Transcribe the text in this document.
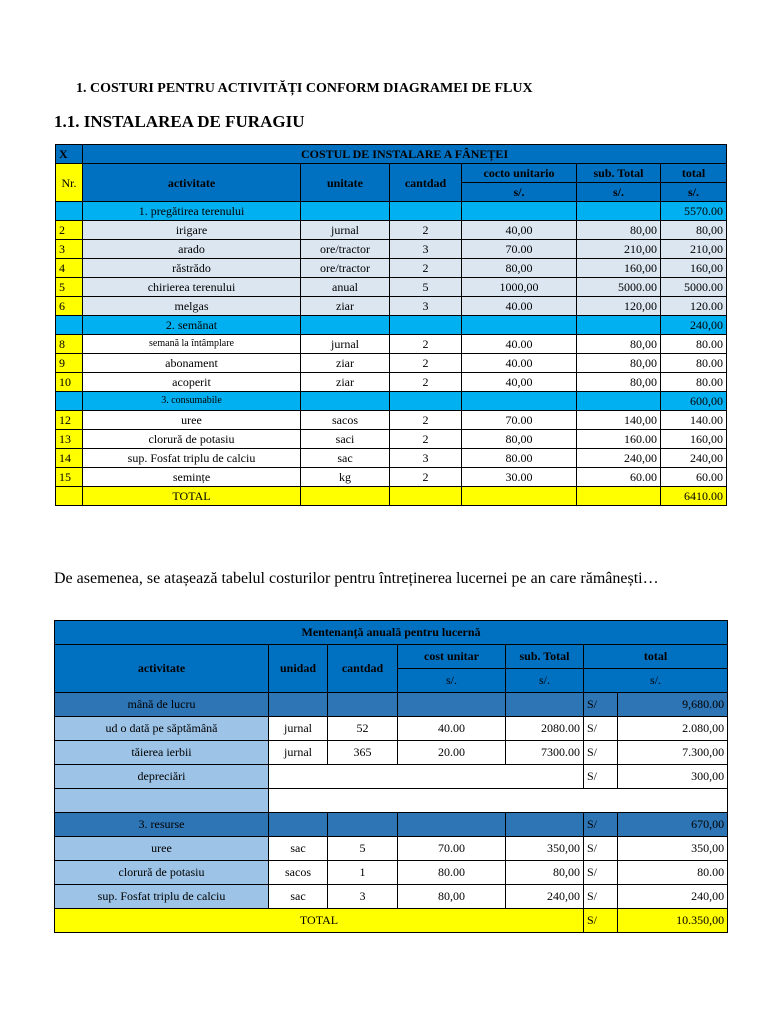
1. COSTURI PENTRU ACTIVITĂȚI CONFORM DIAGRAMEI DE FLUX
1.1. INSTALAREA DE FURAGIU
X	COSTUL DE INSTALARE A FÂNEȚEI					
Nr.	activitate	unitate	cantdad	cocto unitario	sub. Total	total
				s/.	s/.	s/.
	1. pregătirea terenului					5570.00
2	irigare	jurnal	2	40,00	80,00	80,00
3	arado	ore/tractor	3	70.00	210,00	210,00
4	răstrădo	ore/tractor	2	80,00	160,00	160,00
5	chirierea terenului	anual	5	1000,00	5000.00	5000.00
6	melgas	ziar	3	40.00	120,00	120.00
	2. semănat					240,00
8	semană la întâmplare	jurnal	2	40.00	80,00	80.00
9	abonament	ziar	2	40.00	80,00	80.00
10	acoperit	ziar	2	40,00	80,00	80.00
	3. consumabile					600,00
12	uree	sacos	2	70.00	140,00	140.00
13	clorură de potasiu	saci	2	80,00	160.00	160,00
14	sup. Fosfat triplu de calciu	sac	3	80.00	240,00	240,00
15	semințe	kg	2	30.00	60.00	60.00
	TOTAL					6410.00
De asemenea, se atașează tabelul costurilor pentru întreținerea lucernei pe an care rămânești…
Mentenanță anuală pentru lucernă						
activitate	unidad	cantdad	cost unitar	sub. Total	total	
			s/.	s/.	s/.	
mână de lucru					S/	9,680.00
ud o dată pe săptămână	jurnal	52	40.00	2080.00	S/	2.080,00
tăierea ierbii	jurnal	365	20.00	7300.00	S/	7.300,00
depreciări					S/	300,00

3. resurse					S/	670,00
uree	sac	5	70.00	350,00	S/	350,00
clorură de potasiu	sacos	1	80.00	80,00	S/	80.00
sup. Fosfat triplu de calciu	sac	3	80,00	240,00	S/	240,00
TOTAL					S/	10.350,00
